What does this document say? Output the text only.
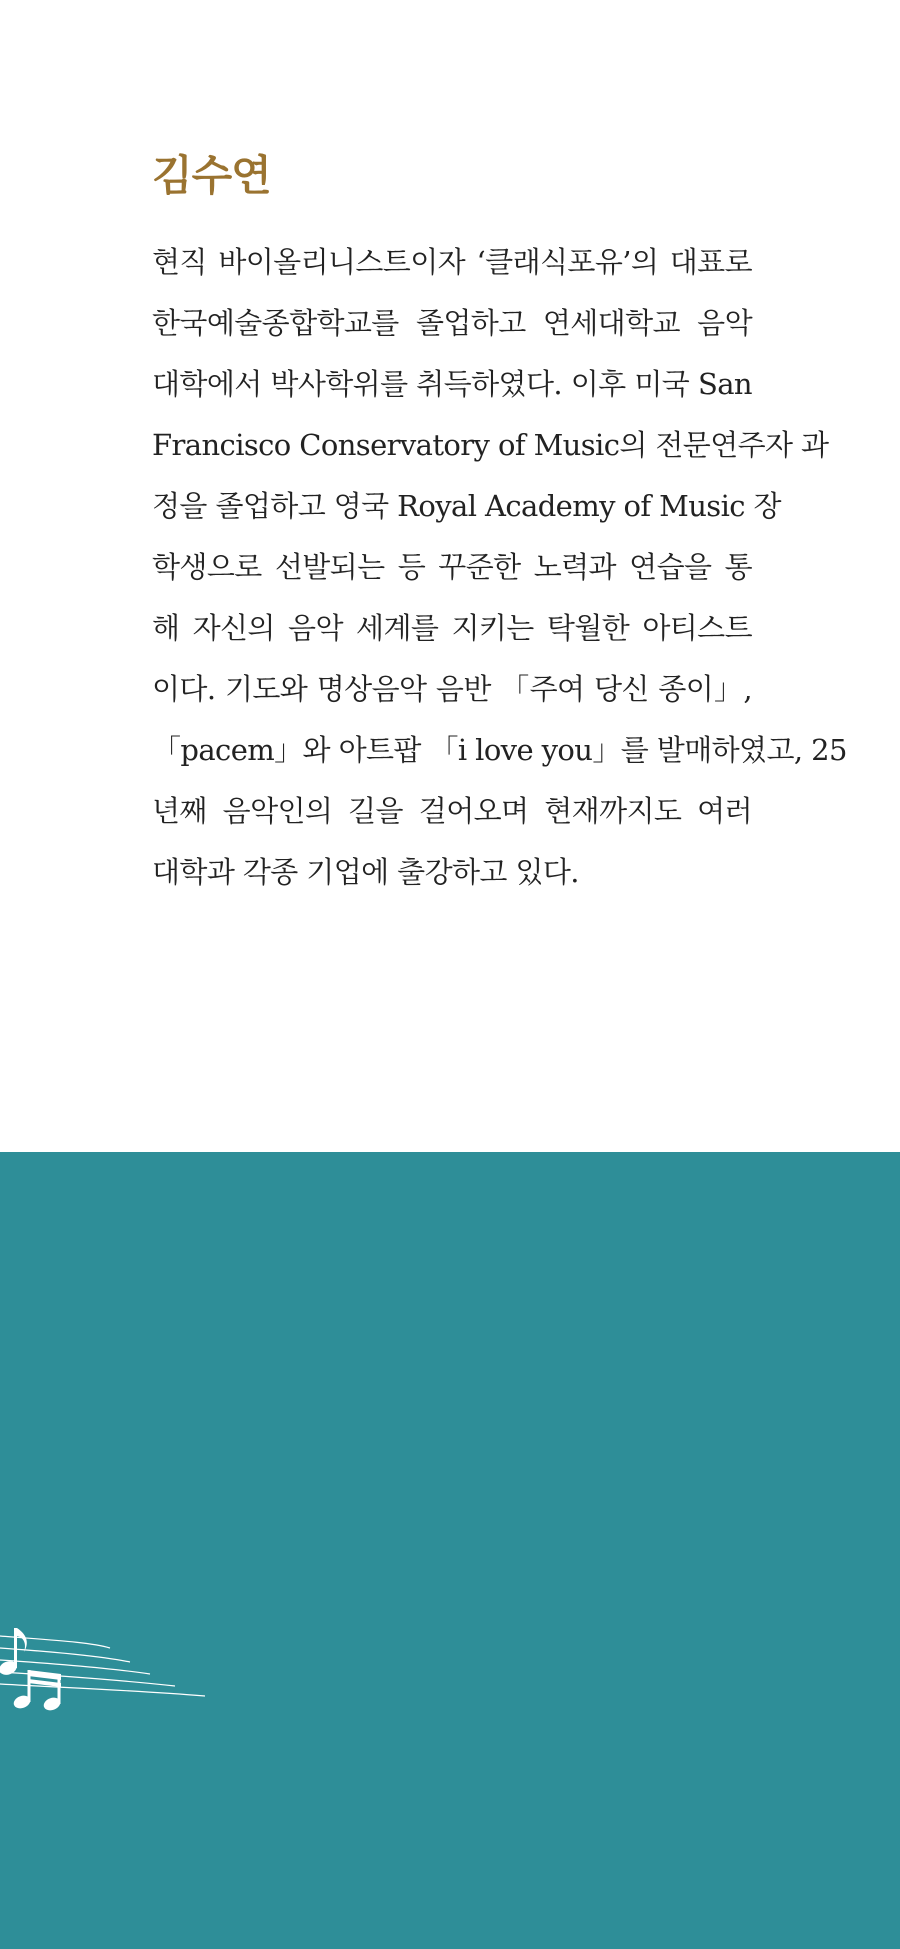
김수연
현직 바이올리니스트이자 ‘클래식포유’의 대표로
한국예술종합학교를 졸업하고 연세대학교 음악
대학에서 박사학위를 취득하였다. 이후 미국 San
Francisco Conservatory of Music의 전문연주자 과
정을 졸업하고 영국 Royal Academy of Music 장
학생으로 선발되는 등 꾸준한 노력과 연습을 통
해 자신의 음악 세계를 지키는 탁월한 아티스트
이다. 기도와 명상음악 음반 「주여 당신 종이」,
「pacem」와 아트팝 「i love you」를 발매하였고, 25
년째 음악인의 길을 걸어오며 현재까지도 여러
대학과 각종 기업에 출강하고 있다.
